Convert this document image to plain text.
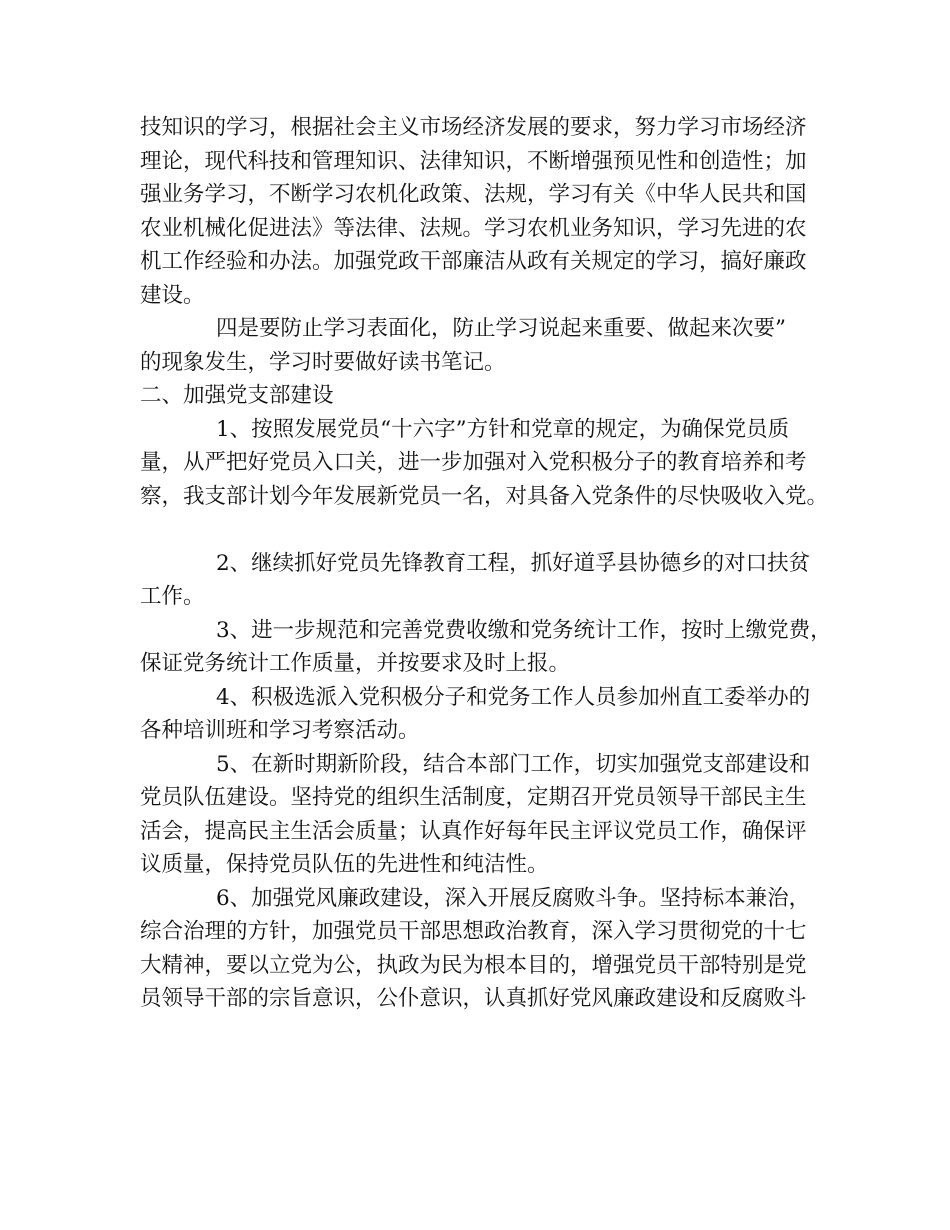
技知识的学习，根据社会主义市场经济发展的要求，努力学习市场经济
理论，现代科技和管理知识、法律知识，不断增强预见性和创造性；加
强业务学习，不断学习农机化政策、法规，学习有关《中华人民共和国
农业机械化促进法》等法律、法规。学习农机业务知识，学习先进的农
机工作经验和办法。加强党政干部廉洁从政有关规定的学习，搞好廉政
建设。
四是要防止学习表面化，防止学习说起来重要、做起来次要”
的现象发生，学习时要做好读书笔记。
二、加强党支部建设
1、按照发展党员“十六字”方针和党章的规定，为确保党员质
量，从严把好党员入口关，进一步加强对入党积极分子的教育培养和考
察，我支部计划今年发展新党员一名，对具备入党条件的尽快吸收入党。
2、继续抓好党员先锋教育工程，抓好道孚县协德乡的对口扶贫
工作。
3、进一步规范和完善党费收缴和党务统计工作，按时上缴党费，
保证党务统计工作质量，并按要求及时上报。
4、积极选派入党积极分子和党务工作人员参加州直工委举办的
各种培训班和学习考察活动。
5、在新时期新阶段，结合本部门工作，切实加强党支部建设和
党员队伍建设。坚持党的组织生活制度，定期召开党员领导干部民主生
活会，提高民主生活会质量；认真作好每年民主评议党员工作，确保评
议质量，保持党员队伍的先进性和纯洁性。
6、加强党风廉政建设，深入开展反腐败斗争。坚持标本兼治，
综合治理的方针，加强党员干部思想政治教育，深入学习贯彻党的十七
大精神，要以立党为公，执政为民为根本目的，增强党员干部特别是党
员领导干部的宗旨意识，公仆意识，认真抓好党风廉政建设和反腐败斗
